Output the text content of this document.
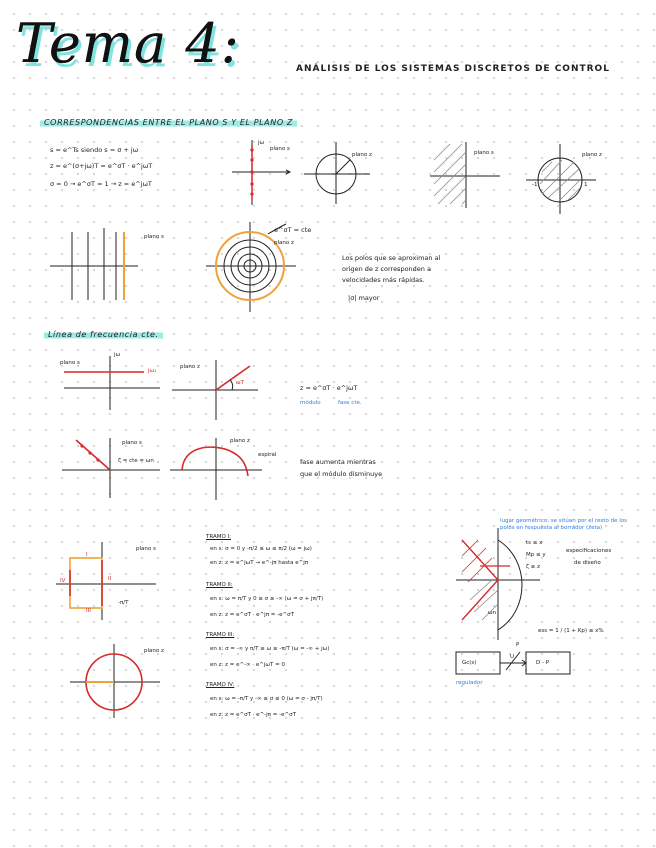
Tema 4:	ANÁLISIS DE LOS SISTEMAS DISCRETOS DE CONTROL
CORRESPONDENCIAS ENTRE EL PLANO S Y EL PLANO Z
s = e^Ts siendo s = σ + jω
z = e^(σ+jω)T = e^σT · e^jωT
σ = 0 → e^σT = 1 → z = e^jωT
jω
plano s
plano z	plano s	plano z
-1	1
plano s
e^σT = cte
plano z
Los polos que se aproximan al
origen de z corresponden a
velocidades más rápidas.
|σ| mayor
Línea de frecuencia cte.
plano s
jω
jω₁
plano z
ωT
z = e^σT · e^jωT
módulo	fase cte.
plano s
ζ = cte = ωn
plano z
espiral
fase aumenta mientras
que el módulo disminuye
plano s
-π/T
plano z
I
II
III
IV
TRAMO I:
en s: σ = 0 y -π/2 ≤ ω ≤ π/2 (ω = jω)
en z: z = e^jωT → e^-jπ hasta e^jπ
TRAMO II:
en s: ω = π/T y 0 ≥ σ ≥ -∞ (ω = σ + jπ/T)
en z: z = e^σT · e^jπ = -e^σT
TRAMO III:
en s: σ = -∞ y π/T ≥ ω ≥ -π/T (ω = -∞ + jω)
en z: z = e^-∞ · e^jωT = 0
TRAMO IV:
en s: ω = -π/T y -∞ ≤ σ ≤ 0 (ω = σ - jπ/T)
en z: z = e^σT · e^-jπ = -e^σT
lugar geométrico: se sitúan por el resto de los polos en respuesta al borrador (zeta)
ts ≤ x
Mp ≤ y
ζ ≥ z
especificaciones
de diseño
ωn
ess = 1 / (1 + Kp) ≤ x%
Gc(s)
U
P
D - P
regulador
